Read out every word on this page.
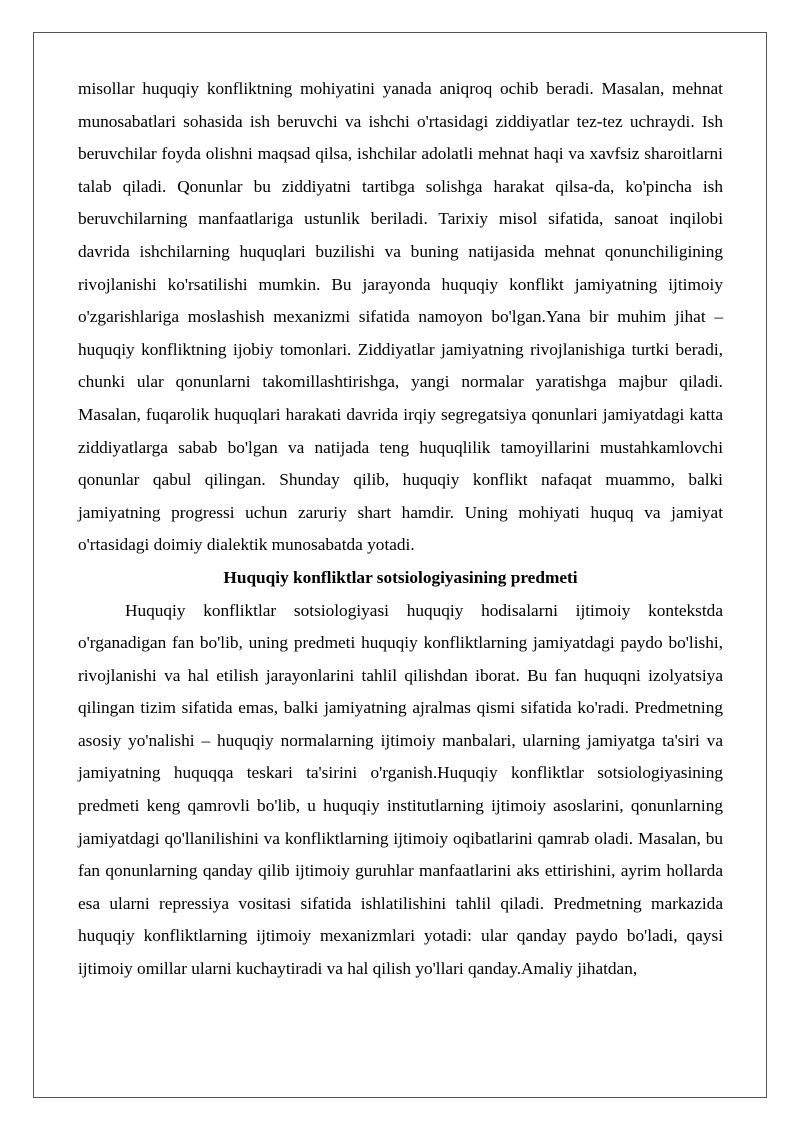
misollar huquqiy konfliktning mohiyatini yanada aniqroq ochib beradi. Masalan, mehnat munosabatlari sohasida ish beruvchi va ishchi o'rtasidagi ziddiyatlar tez-tez uchraydi. Ish beruvchilar foyda olishni maqsad qilsa, ishchilar adolatli mehnat haqi va xavfsiz sharoitlarni talab qiladi. Qonunlar bu ziddiyatni tartibga solishga harakat qilsa-da, ko'pincha ish beruvchilarning manfaatlariga ustunlik beriladi. Tarixiy misol sifatida, sanoat inqilobi davrida ishchilarning huquqlari buzilishi va buning natijasida mehnat qonunchiligining rivojlanishi ko'rsatilishi mumkin. Bu jarayonda huquqiy konflikt jamiyatning ijtimoiy o'zgarishlariga moslashish mexanizmi sifatida namoyon bo'lgan.Yana bir muhim jihat – huquqiy konfliktning ijobiy tomonlari. Ziddiyatlar jamiyatning rivojlanishiga turtki beradi, chunki ular qonunlarni takomillashtirishga, yangi normalar yaratishga majbur qiladi. Masalan, fuqarolik huquqlari harakati davrida irqiy segregatsiya qonunlari jamiyatdagi katta ziddiyatlarga sabab bo'lgan va natijada teng huquqlilik tamoyillarini mustahkamlovchi qonunlar qabul qilingan. Shunday qilib, huquqiy konflikt nafaqat muammo, balki jamiyatning progressi uchun zaruriy shart hamdir. Uning mohiyati huquq va jamiyat o'rtasidagi doimiy dialektik munosabatda yotadi.

Huquqiy konfliktlar sotsiologiyasining predmeti

Huquqiy konfliktlar sotsiologiyasi huquqiy hodisalarni ijtimoiy kontekstda o'rganadigan fan bo'lib, uning predmeti huquqiy konfliktlarning jamiyatdagi paydo bo'lishi, rivojlanishi va hal etilish jarayonlarini tahlil qilishdan iborat. Bu fan huquqni izolyatsiya qilingan tizim sifatida emas, balki jamiyatning ajralmas qismi sifatida ko'radi. Predmetning asosiy yo'nalishi – huquqiy normalarning ijtimoiy manbalari, ularning jamiyatga ta'siri va jamiyatning huquqqa teskari ta'sirini o'rganish.Huquqiy konfliktlar sotsiologiyasining predmeti keng qamrovli bo'lib, u huquqiy institutlarning ijtimoiy asoslarini, qonunlarning jamiyatdagi qo'llanilishini va konfliktlarning ijtimoiy oqibatlarini qamrab oladi. Masalan, bu fan qonunlarning qanday qilib ijtimoiy guruhlar manfaatlarini aks ettirishini, ayrim hollarda esa ularni repressiya vositasi sifatida ishlatilishini tahlil qiladi. Predmetning markazida huquqiy konfliktlarning ijtimoiy mexanizmlari yotadi: ular qanday paydo bo'ladi, qaysi ijtimoiy omillar ularni kuchaytiradi va hal qilish yo'llari qanday.Amaliy jihatdan,
